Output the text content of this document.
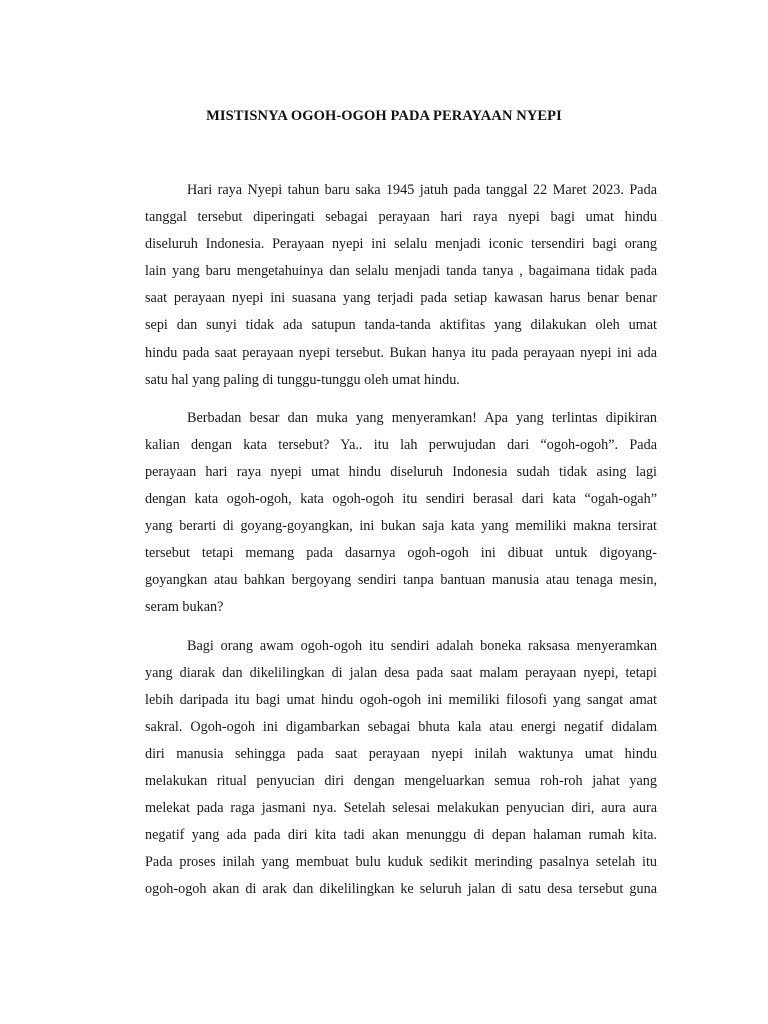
MISTISNYA OGOH-OGOH PADA PERAYAAN NYEPI

Hari raya Nyepi tahun baru saka 1945 jatuh pada tanggal 22 Maret 2023. Pada
tanggal tersebut diperingati sebagai perayaan hari raya nyepi bagi umat hindu
diseluruh Indonesia. Perayaan nyepi ini selalu menjadi iconic tersendiri bagi orang
lain yang baru mengetahuinya dan selalu menjadi tanda tanya , bagaimana tidak pada
saat perayaan nyepi ini suasana yang terjadi pada setiap kawasan harus benar benar
sepi dan sunyi tidak ada satupun tanda-tanda aktifitas yang dilakukan oleh umat
hindu pada saat perayaan nyepi tersebut. Bukan hanya itu pada perayaan nyepi ini ada
satu hal yang paling di tunggu-tunggu oleh umat hindu.

Berbadan besar dan muka yang menyeramkan! Apa yang terlintas dipikiran
kalian dengan kata tersebut? Ya.. itu lah perwujudan dari “ogoh-ogoh”. Pada
perayaan hari raya nyepi umat hindu diseluruh Indonesia sudah tidak asing lagi
dengan kata ogoh-ogoh, kata ogoh-ogoh itu sendiri berasal dari kata “ogah-ogah”
yang berarti di goyang-goyangkan, ini bukan saja kata yang memiliki makna tersirat
tersebut tetapi memang pada dasarnya ogoh-ogoh ini dibuat untuk digoyang-
goyangkan atau bahkan bergoyang sendiri tanpa bantuan manusia atau tenaga mesin,
seram bukan?

Bagi orang awam ogoh-ogoh itu sendiri adalah boneka raksasa menyeramkan
yang diarak dan dikelilingkan di jalan desa pada saat malam perayaan nyepi, tetapi
lebih daripada itu bagi umat hindu ogoh-ogoh ini memiliki filosofi yang sangat amat
sakral. Ogoh-ogoh ini digambarkan sebagai bhuta kala atau energi negatif didalam
diri manusia sehingga pada saat perayaan nyepi inilah waktunya umat hindu
melakukan ritual penyucian diri dengan mengeluarkan semua roh-roh jahat yang
melekat pada raga jasmani nya. Setelah selesai melakukan penyucian diri, aura aura
negatif yang ada pada diri kita tadi akan menunggu di depan halaman rumah kita.
Pada proses inilah yang membuat bulu kuduk sedikit merinding pasalnya setelah itu
ogoh-ogoh akan di arak dan dikelilingkan ke seluruh jalan di satu desa tersebut guna
